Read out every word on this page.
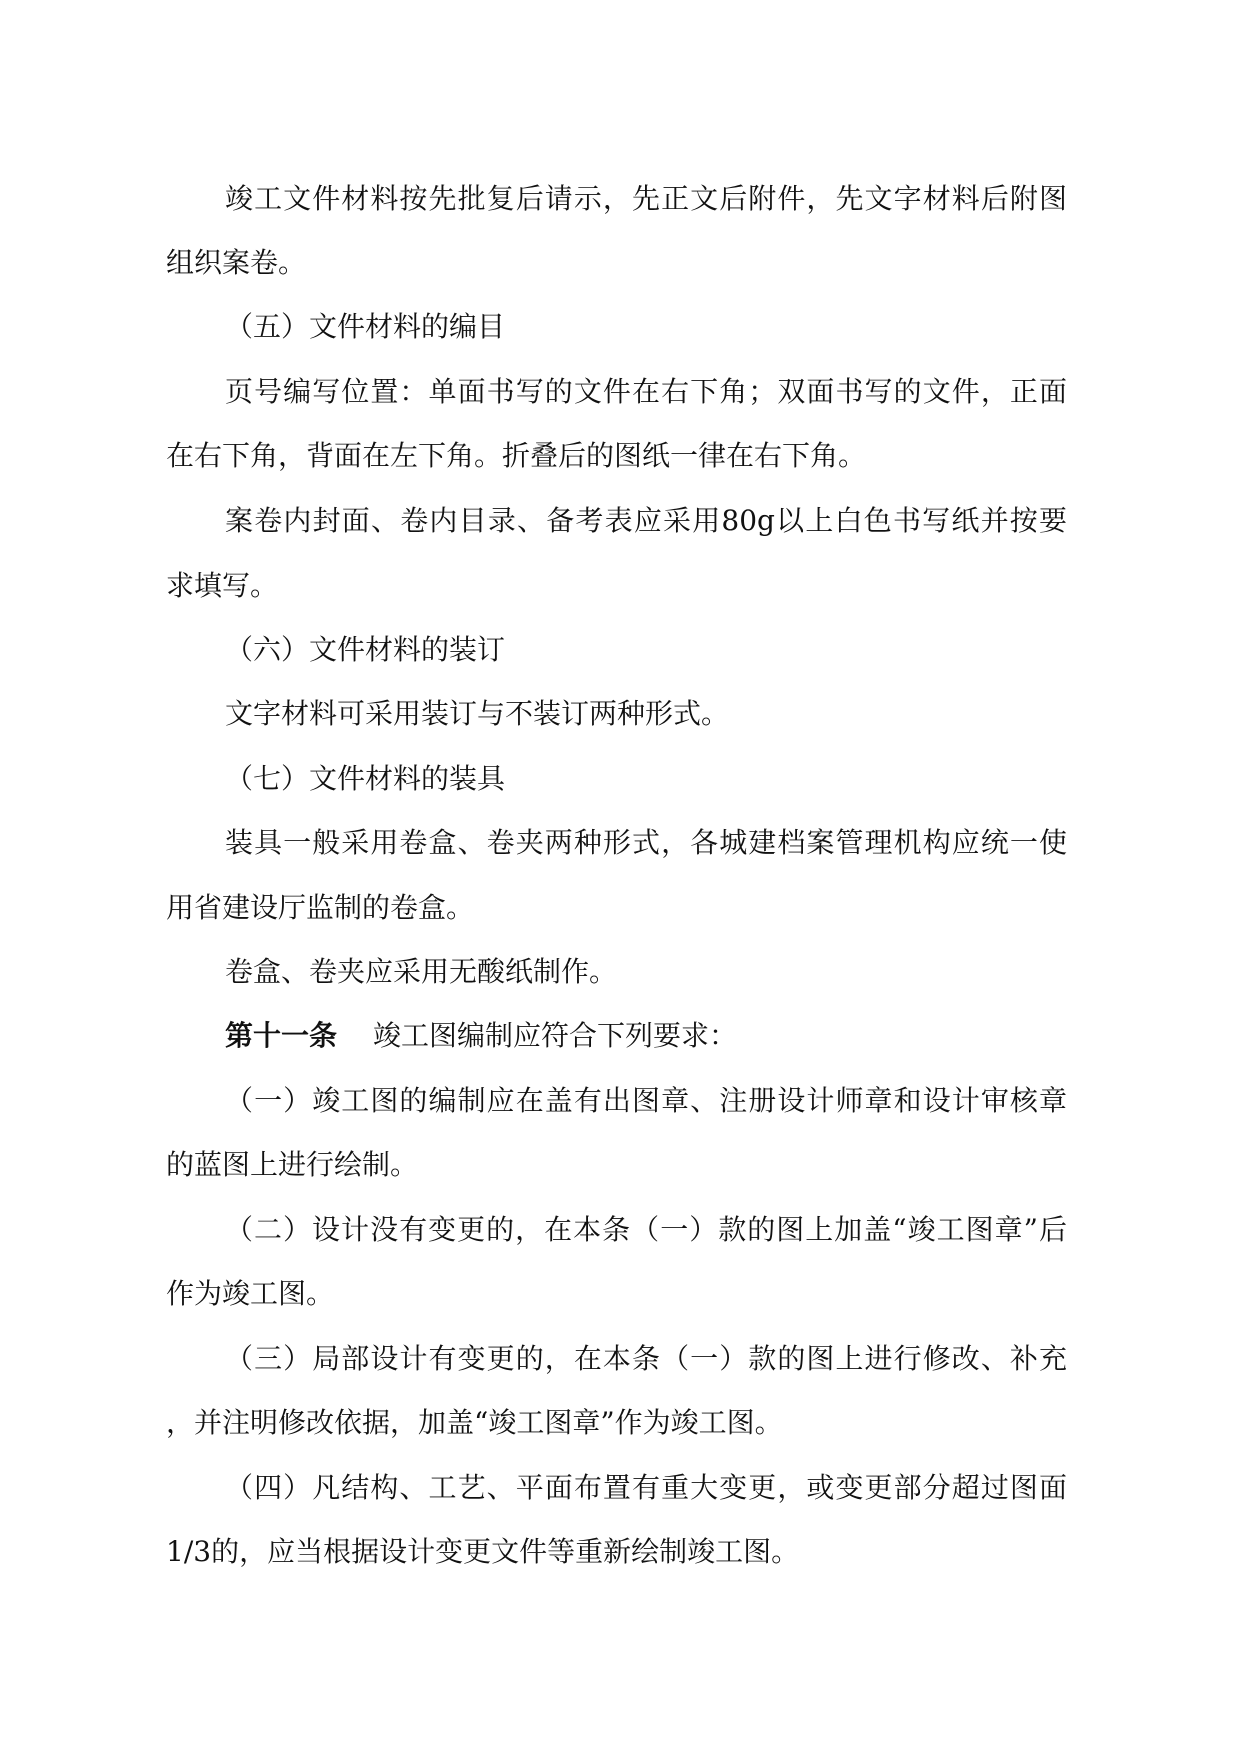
竣工文件材料按先批复后请示，先正文后附件，先文字材料后附图

组织案卷。

（五）文件材料的编目

页号编写位置：单面书写的文件在右下角；双面书写的文件，正面

在右下角，背面在左下角。折叠后的图纸一律在右下角。

案卷内封面、卷内目录、备考表应采用80g以上白色书写纸并按要

求填写。

（六）文件材料的装订

文字材料可采用装订与不装订两种形式。

（七）文件材料的装具

装具一般采用卷盒、卷夹两种形式，各城建档案管理机构应统一使

用省建设厅监制的卷盒。

卷盒、卷夹应采用无酸纸制作。

第十一条 竣工图编制应符合下列要求：

（一）竣工图的编制应在盖有出图章、注册设计师章和设计审核章

的蓝图上进行绘制。

（二）设计没有变更的，在本条（一）款的图上加盖“竣工图章”后

作为竣工图。

（三）局部设计有变更的，在本条（一）款的图上进行修改、补充

，并注明修改依据，加盖“竣工图章”作为竣工图。

（四）凡结构、工艺、平面布置有重大变更，或变更部分超过图面

1/3的，应当根据设计变更文件等重新绘制竣工图。
